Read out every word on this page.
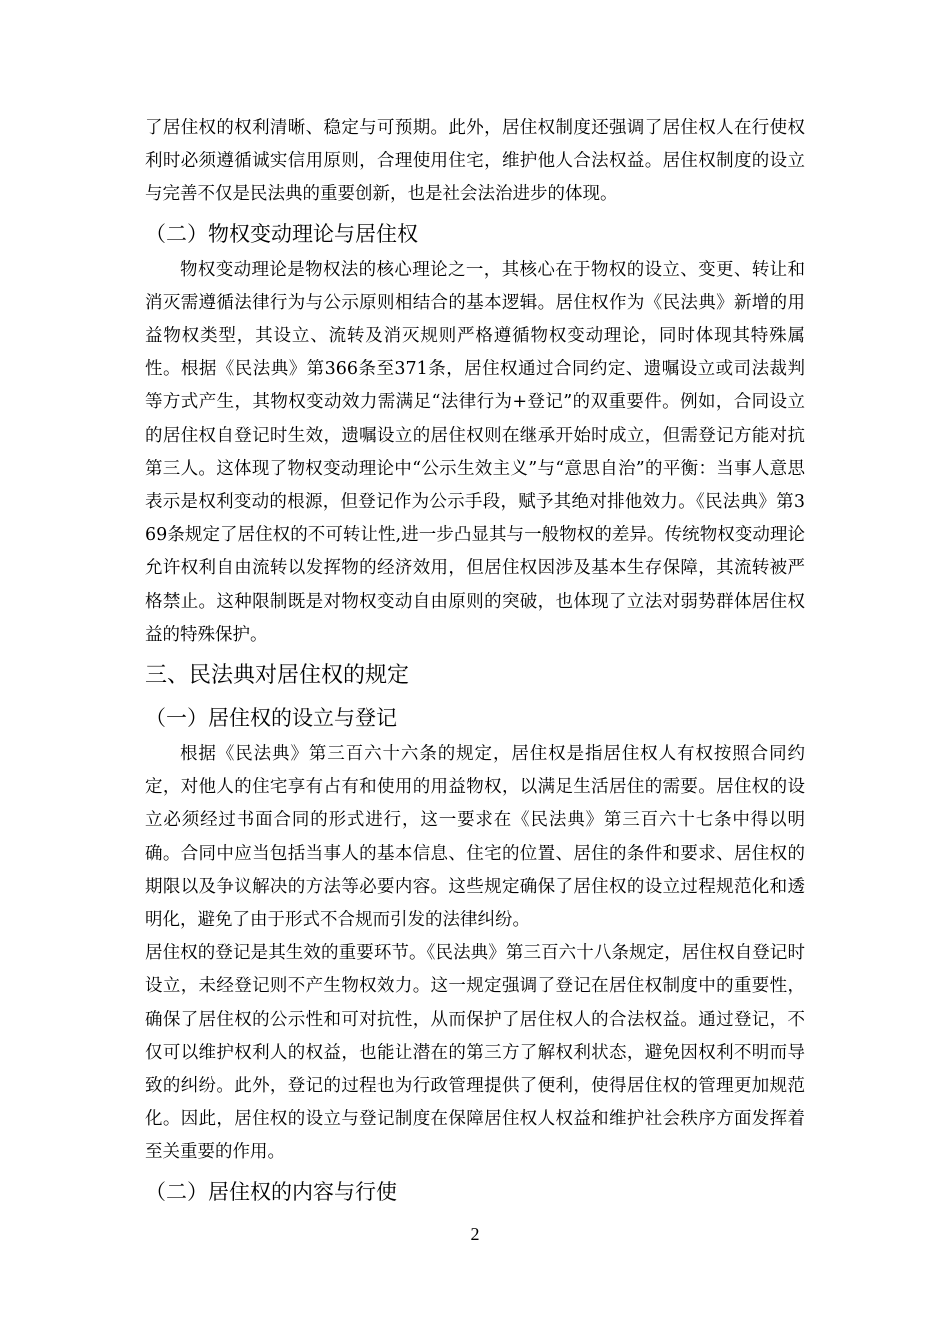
了居住权的权利清晰、稳定与可预期。此外，居住权制度还强调了居住权人在行使权利时必须遵循诚实信用原则，合理使用住宅，维护他人合法权益。居住权制度的设立与完善不仅是民法典的重要创新，也是社会法治进步的体现。

（二）物权变动理论与居住权

物权变动理论是物权法的核心理论之一，其核心在于物权的设立、变更、转让和消灭需遵循法律行为与公示原则相结合的基本逻辑。居住权作为《民法典》新增的用益物权类型，其设立、流转及消灭规则严格遵循物权变动理论，同时体现其特殊属性。根据《民法典》第366条至371条，居住权通过合同约定、遗嘱设立或司法裁判等方式产生，其物权变动效力需满足“法律行为+登记”的双重要件。例如，合同设立的居住权自登记时生效，遗嘱设立的居住权则在继承开始时成立，但需登记方能对抗第三人。这体现了物权变动理论中“公示生效主义”与“意思自治”的平衡：当事人意思表示是权利变动的根源，但登记作为公示手段，赋予其绝对排他效力。《民法典》第369条规定了居住权的不可转让性,进一步凸显其与一般物权的差异。传统物权变动理论允许权利自由流转以发挥物的经济效用，但居住权因涉及基本生存保障，其流转被严格禁止。这种限制既是对物权变动自由原则的突破，也体现了立法对弱势群体居住权益的特殊保护。

三、民法典对居住权的规定
（一）居住权的设立与登记

根据《民法典》第三百六十六条的规定，居住权是指居住权人有权按照合同约定，对他人的住宅享有占有和使用的用益物权，以满足生活居住的需要。居住权的设立必须经过书面合同的形式进行，这一要求在《民法典》第三百六十七条中得以明确。合同中应当包括当事人的基本信息、住宅的位置、居住的条件和要求、居住权的期限以及争议解决的方法等必要内容。这些规定确保了居住权的设立过程规范化和透明化，避免了由于形式不合规而引发的法律纠纷。

居住权的登记是其生效的重要环节。《民法典》第三百六十八条规定，居住权自登记时设立，未经登记则不产生物权效力。这一规定强调了登记在居住权制度中的重要性，确保了居住权的公示性和可对抗性，从而保护了居住权人的合法权益。通过登记，不仅可以维护权利人的权益，也能让潜在的第三方了解权利状态，避免因权利不明而导致的纠纷。此外，登记的过程也为行政管理提供了便利，使得居住权的管理更加规范化。因此，居住权的设立与登记制度在保障居住权人权益和维护社会秩序方面发挥着至关重要的作用。

（二）居住权的内容与行使
2
